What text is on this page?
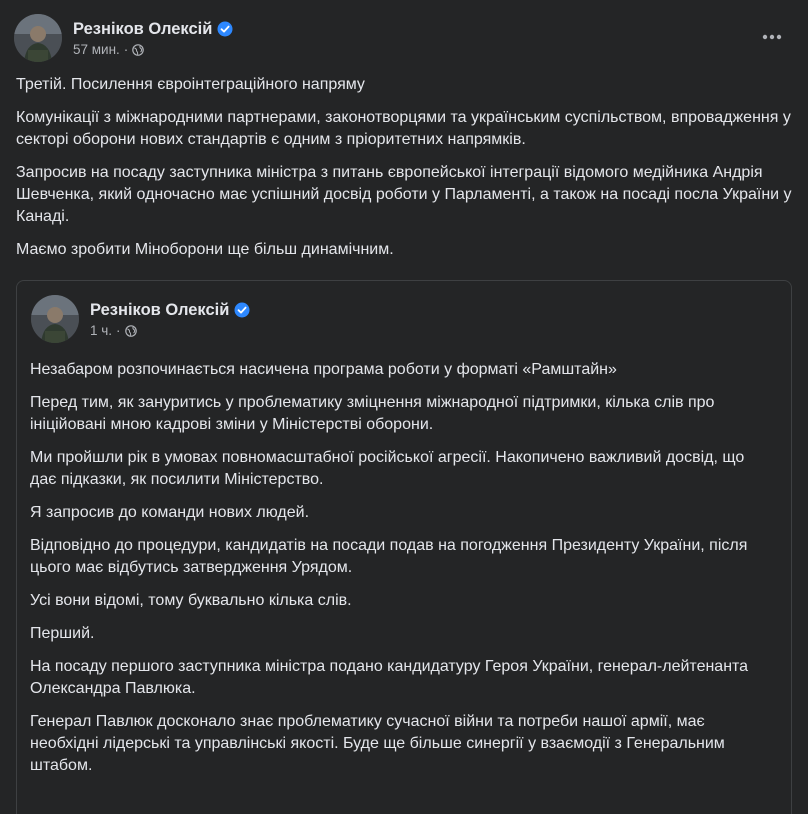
Резніков Олексій
57 мин. ·

Третій. Посилення євроінтеграційного напряму

Комунікації з міжнародними партнерами, законотворцями та українським суспільством, впровадження у секторі оборони нових стандартів є одним з пріоритетних напрямків.

Запросив на посаду заступника міністра з питань європейської інтеграції відомого медійника Андрія Шевченка, який одночасно має успішний досвід роботи у Парламенті, а також на посаді посла України у Канаді.

Маємо зробити Міноборони ще більш динамічним.

Резніков Олексій
1 ч. ·

Незабаром розпочинається насичена програма роботи у форматі «Рамштайн»

Перед тим, як зануритись у проблематику зміцнення міжнародної підтримки, кілька слів про ініційовані мною кадрові зміни у Міністерстві оборони.

Ми пройшли рік в умовах повномасштабної російської агресії. Накопичено важливий досвід, що дає підказки, як посилити Міністерство.

Я запросив до команди нових людей.

Відповідно до процедури, кандидатів на посади подав на погодження Президенту України, після цього має відбутись затвердження Урядом.

Усі вони відомі, тому буквально кілька слів.

Перший.

На посаду першого заступника міністра подано кандидатуру Героя України, генерал-лейтенанта Олександра Павлюка.

Генерал Павлюк досконало знає проблематику сучасної війни та потреби нашої армії, має необхідні лідерські та управлінські якості. Буде ще більше синергії у взаємодії з Генеральним штабом.
